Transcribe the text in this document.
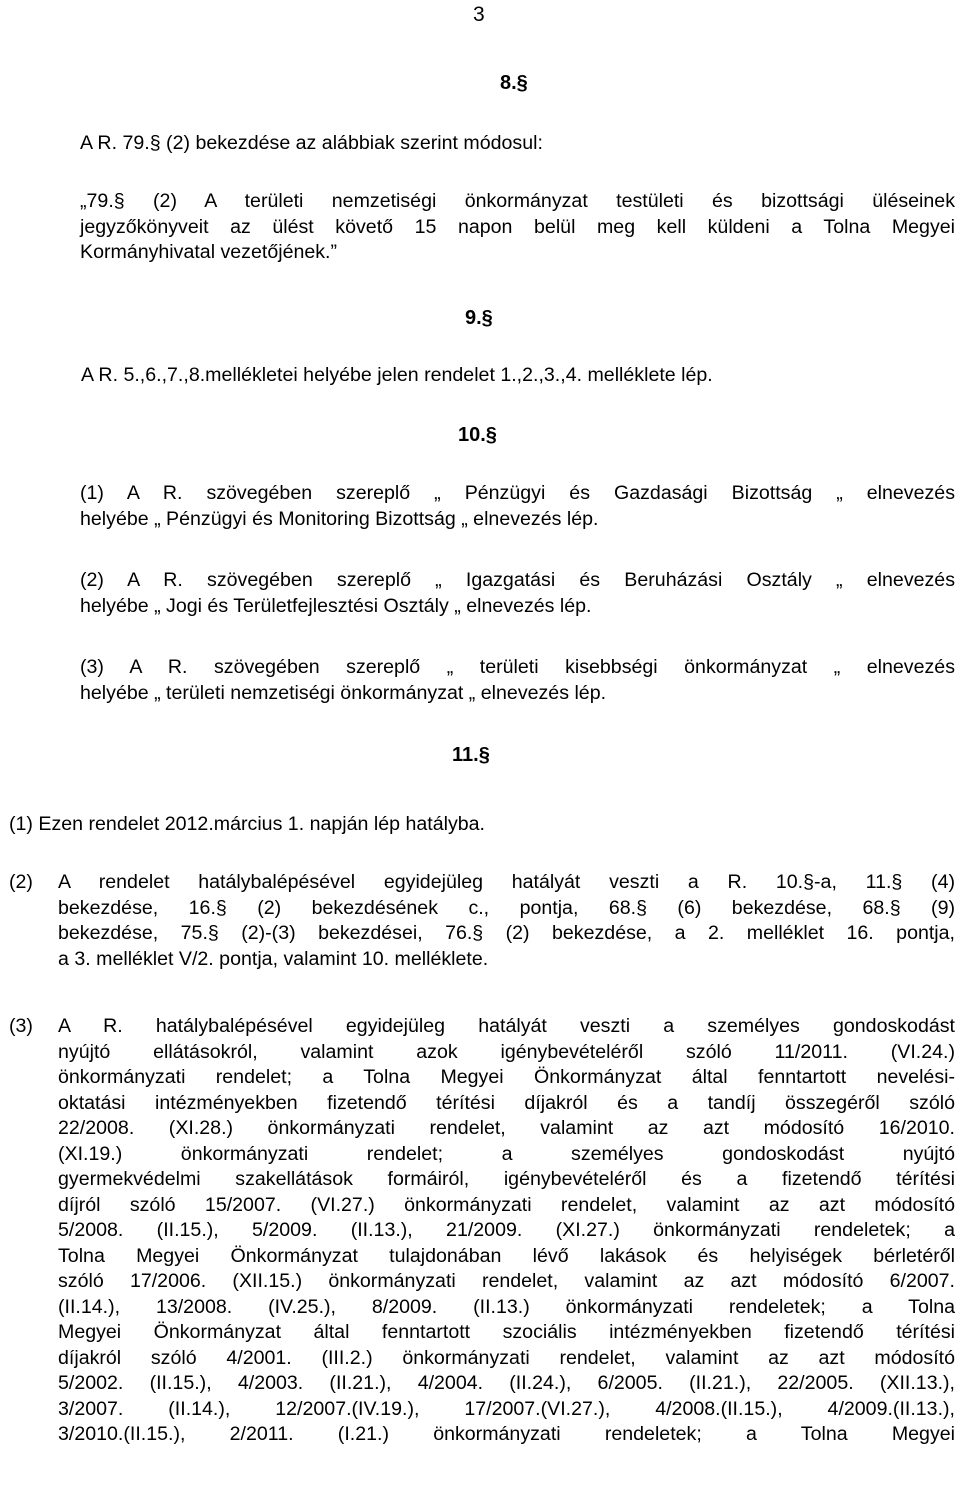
3
8.§
A R. 79.§ (2) bekezdése az alábbiak szerint módosul:
„79.§ (2) A területi nemzetiségi önkormányzat testületi és bizottsági üléseinek
jegyzőkönyveit az ülést követő 15 napon belül meg kell küldeni a Tolna Megyei
Kormányhivatal vezetőjének.”
9.§
A R. 5.,6.,7.,8.mellékletei helyébe jelen rendelet 1.,2.,3.,4. melléklete lép.
10.§
(1) A R. szövegében szereplő „ Pénzügyi és Gazdasági Bizottság „ elnevezés
helyébe „ Pénzügyi és Monitoring Bizottság „ elnevezés lép.
(2) A R. szövegében szereplő „ Igazgatási és Beruházási Osztály „ elnevezés
helyébe „ Jogi és Területfejlesztési Osztály „ elnevezés lép.
(3) A R. szövegében szereplő „ területi kisebbségi önkormányzat „ elnevezés
helyébe „ területi nemzetiségi önkormányzat „ elnevezés lép.
11.§
(1) Ezen rendelet 2012.március 1. napján lép hatályba.
(2) A rendelet hatálybalépésével egyidejüleg hatályát veszti a R. 10.§-a, 11.§ (4)
bekezdése, 16.§ (2) bekezdésének c., pontja, 68.§ (6) bekezdése, 68.§ (9)
bekezdése, 75.§ (2)-(3) bekezdései, 76.§ (2) bekezdése, a 2. melléklet 16. pontja,
a 3. melléklet V/2. pontja, valamint 10. melléklete.
(3) A R. hatálybalépésével egyidejüleg hatályát veszti a személyes gondoskodást
nyújtó ellátásokról, valamint azok igénybevételéről szóló 11/2011. (VI.24.)
önkormányzati rendelet; a Tolna Megyei Önkormányzat által fenntartott nevelési-
oktatási intézményekben fizetendő térítési díjakról és a tandíj összegéről szóló
22/2008. (XI.28.) önkormányzati rendelet, valamint az azt módosító 16/2010.
(XI.19.) önkormányzati rendelet; a személyes gondoskodást nyújtó
gyermekvédelmi szakellátások formáiról, igénybevételéről és a fizetendő térítési
díjról szóló 15/2007. (VI.27.) önkormányzati rendelet, valamint az azt módosító
5/2008. (II.15.), 5/2009. (II.13.), 21/2009. (XI.27.) önkormányzati rendeletek; a
Tolna Megyei Önkormányzat tulajdonában lévő lakások és helyiségek bérletéről
szóló 17/2006. (XII.15.) önkormányzati rendelet, valamint az azt módosító 6/2007.
(II.14.), 13/2008. (IV.25.), 8/2009. (II.13.) önkormányzati rendeletek; a Tolna
Megyei Önkormányzat által fenntartott szociális intézményekben fizetendő térítési
díjakról szóló 4/2001. (III.2.) önkormányzati rendelet, valamint az azt módosító
5/2002. (II.15.), 4/2003. (II.21.), 4/2004. (II.24.), 6/2005. (II.21.), 22/2005. (XII.13.),
3/2007. (II.14.), 12/2007.(IV.19.), 17/2007.(VI.27.), 4/2008.(II.15.), 4/2009.(II.13.),
3/2010.(II.15.), 2/2011. (I.21.) önkormányzati rendeletek; a Tolna Megyei
